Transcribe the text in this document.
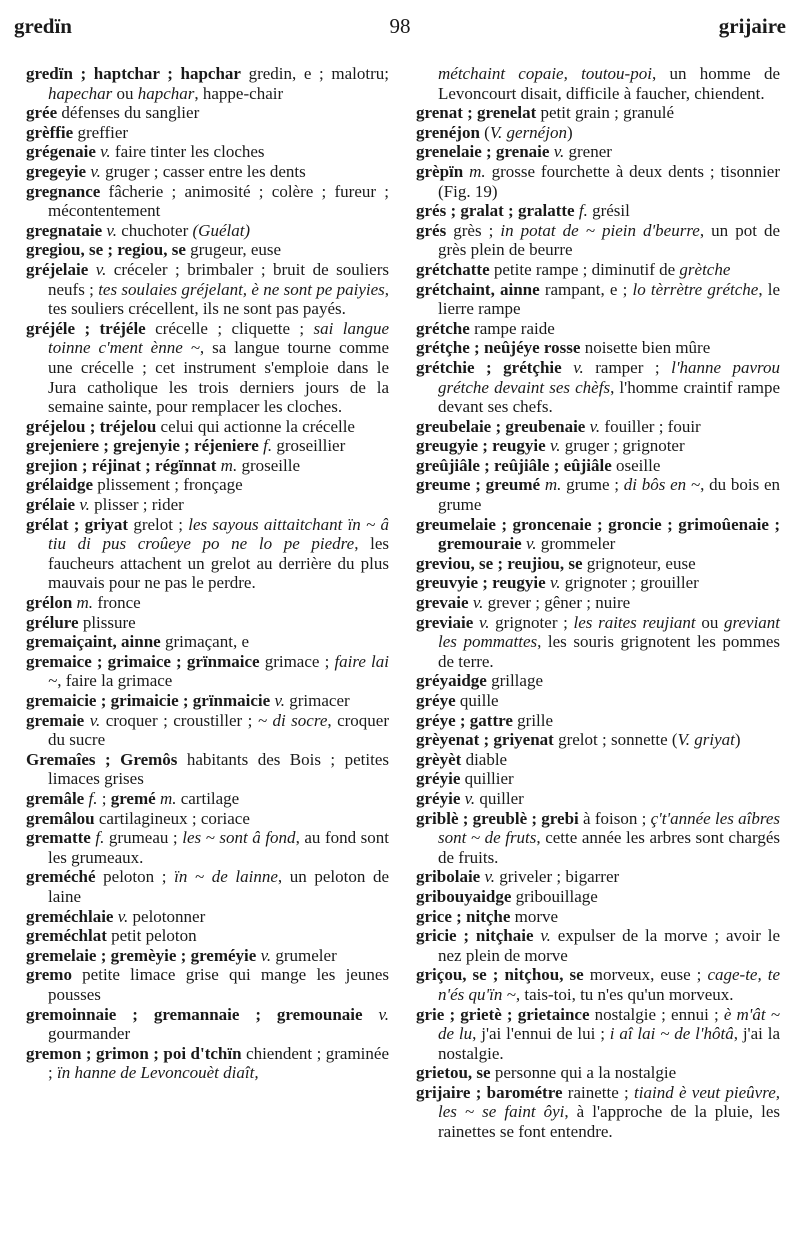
gredïn	98	grijaire

gredïn ; haptchar ; hapchar gredin, e ; malotru; hapechar ou hapchar, happe-chair

grée défenses du sanglier

grèffie greffier

grégenaie v. faire tinter les cloches

gregeyie v. gruger ; casser entre les dents

gregnance fâcherie ; animosité ; colère ; fureur ; mécontentement

gregnataie v. chuchoter (Guélat)

gregiou, se ; regiou, se grugeur, euse

gréjelaie v. créceler ; brimbaler ; bruit de souliers neufs ; tes soulaies gréjelant, è ne sont pe paiyies, tes souliers crécellent, ils ne sont pas payés.

gréjéle ; tréjéle crécelle ; cliquette ; sai langue toinne c'ment ènne ~, sa langue tourne comme une crécelle ; cet instrument s'emploie dans le Jura catholique les trois derniers jours de la semaine sainte, pour remplacer les cloches.

gréjelou ; tréjelou celui qui actionne la crécelle

grejeniere ; grejenyie ; réjeniere f. groseillier

grejion ; réjinat ; régïnnat m. groseille

grélaidge plissement ; fronçage

grélaie v. plisser ; rider

grélat ; griyat grelot ; les sayous aittaitchant ïn ~ â tiu di pus croûeye po ne lo pe piedre, les faucheurs attachent un grelot au derrière du plus mauvais pour ne pas le perdre.

grélon m. fronce

grélure plissure

gremaiçaint, ainne grimaçant, e

gremaice ; grimaice ; grïnmaice grimace ; faire lai ~, faire la grimace

gremaicie ; grimaicie ; grïnmaicie v. grimacer

gremaie v. croquer ; croustiller ; ~ di socre, croquer du sucre

Gremaîes ; Gremôs habitants des Bois ; petites limaces grises

gremâle f. ; gremé m. cartilage

gremâlou cartilagineux ; coriace

grematte f. grumeau ; les ~ sont â fond, au fond sont les grumeaux.

greméché peloton ; ïn ~ de lainne, un peloton de laine

greméchlaie v. pelotonner

greméchlat petit peloton

gremelaie ; gremèyie ; greméyie v. grumeler

gremo petite limace grise qui mange les jeunes pousses

gremoinnaie ; gremannaie ; gremounaie v. gourmander

gremon ; grimon ; poi d'tchïn chiendent ; graminée ; ïn hanne de Levoncouèt diaît,

métchaint copaie, toutou-poi, un homme de Levoncourt disait, difficile à faucher, chiendent.

grenat ; grenelat petit grain ; granulé

grenéjon (V. gernéjon)

grenelaie ; grenaie v. grener

grèpïn m. grosse fourchette à deux dents ; tisonnier (Fig. 19)

grés ; gralat ; gralatte f. grésil

grés grès ; in potat de ~ piein d'beurre, un pot de grès plein de beurre

grétchatte petite rampe ; diminutif de grètche

grétchaint, ainne rampant, e ; lo tèrrètre grétche, le lierre rampe

grétche rampe raide

grétçhe ; neûjéye rosse noisette bien mûre

grétchie ; grétçhie v. ramper ; l'hanne pavrou grétche devaint ses chèfs, l'homme craintif rampe devant ses chefs.

greubelaie ; greubenaie v. fouiller ; fouir

greugyie ; reugyie v. gruger ; grignoter

greûjiâle ; reûjiâle ; eûjiâle oseille

greume ; greumé m. grume ; di bôs en ~, du bois en grume

greumelaie ; groncenaie ; groncie ; grimoûenaie ; gremouraie v. grommeler

greviou, se ; reujiou, se grignoteur, euse

greuvyie ; reugyie v. grignoter ; grouiller

grevaie v. grever ; gêner ; nuire

greviaie v. grignoter ; les raites reujiant ou greviant les pommattes, les souris grignotent les pommes de terre.

gréyaidge grillage

gréye quille

gréye ; gattre grille

grèyenat ; griyenat grelot ; sonnette (V. griyat)

grèyèt diable

gréyie quillier

gréyie v. quiller

griblè ; greublè ; grebi à foison ; ç't'année les aîbres sont ~ de fruts, cette année les arbres sont chargés de fruits.

gribolaie v. griveler ; bigarrer

gribouyaidge gribouillage

grice ; nitçhe morve

gricie ; nitçhaie v. expulser de la morve ; avoir le nez plein de morve

griçou, se ; nitçhou, se morveux, euse ; cage-te, te n'és qu'ïn ~, tais-toi, tu n'es qu'un morveux.

grie ; grietè ; grietaince nostalgie ; ennui ; è m'ât ~ de lu, j'ai l'ennui de lui ; i aî lai ~ de l'hôtâ, j'ai la nostalgie.

grietou, se personne qui a la nostalgie

grijaire ; barométre rainette ; tiaind è veut pieûvre, les ~ se faint ôyi, à l'approche de la pluie, les rainettes se font entendre.
